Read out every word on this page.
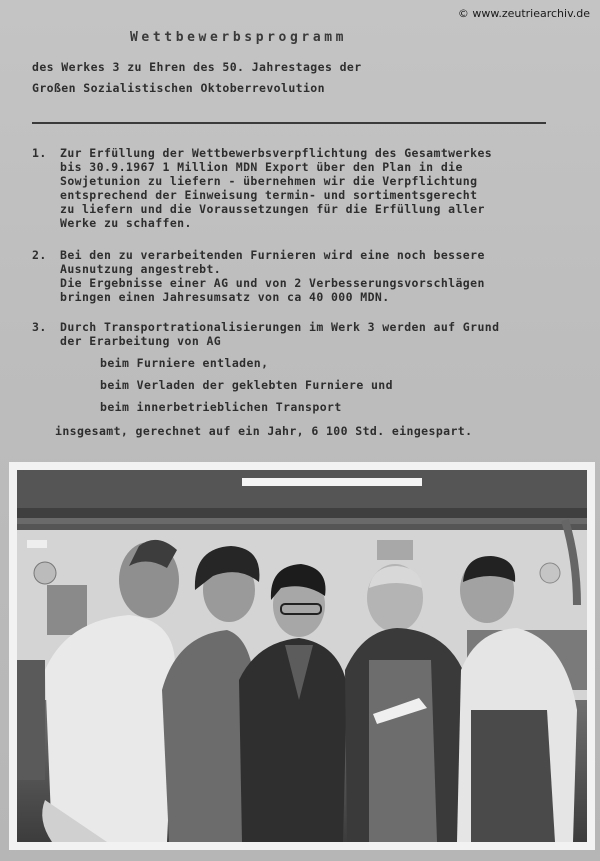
© www.zeutriearchiv.de
Wettbewerbsprogramm
des Werkes 3 zu Ehren des 50. Jahrestages der
Großen Sozialistischen Oktoberrevolution
1. Zur Erfüllung der Wettbewerbsverpflichtung des Gesamtwerkes
bis 30.9.1967 1 Million MDN Export über den Plan in die
Sowjetunion zu liefern - übernehmen wir die Verpflichtung
entsprechend der Einweisung termin- und sortimentsgerecht
zu liefern und die Voraussetzungen für die Erfüllung aller
Werke zu schaffen.
2. Bei den zu verarbeitenden Furnieren wird eine noch bessere
Ausnutzung angestrebt.
Die Ergebnisse einer AG und von 2 Verbesserungsvorschlägen
bringen einen Jahresumsatz von ca 40 000 MDN.
3. Durch Transportrationalisierungen im Werk 3 werden auf Grund
der Erarbeitung von AG
beim Furniere entladen,
beim Verladen der geklebten Furniere und
beim innerbetrieblichen Transport
insgesamt, gerechnet auf ein Jahr, 6 100 Std. eingespart.
